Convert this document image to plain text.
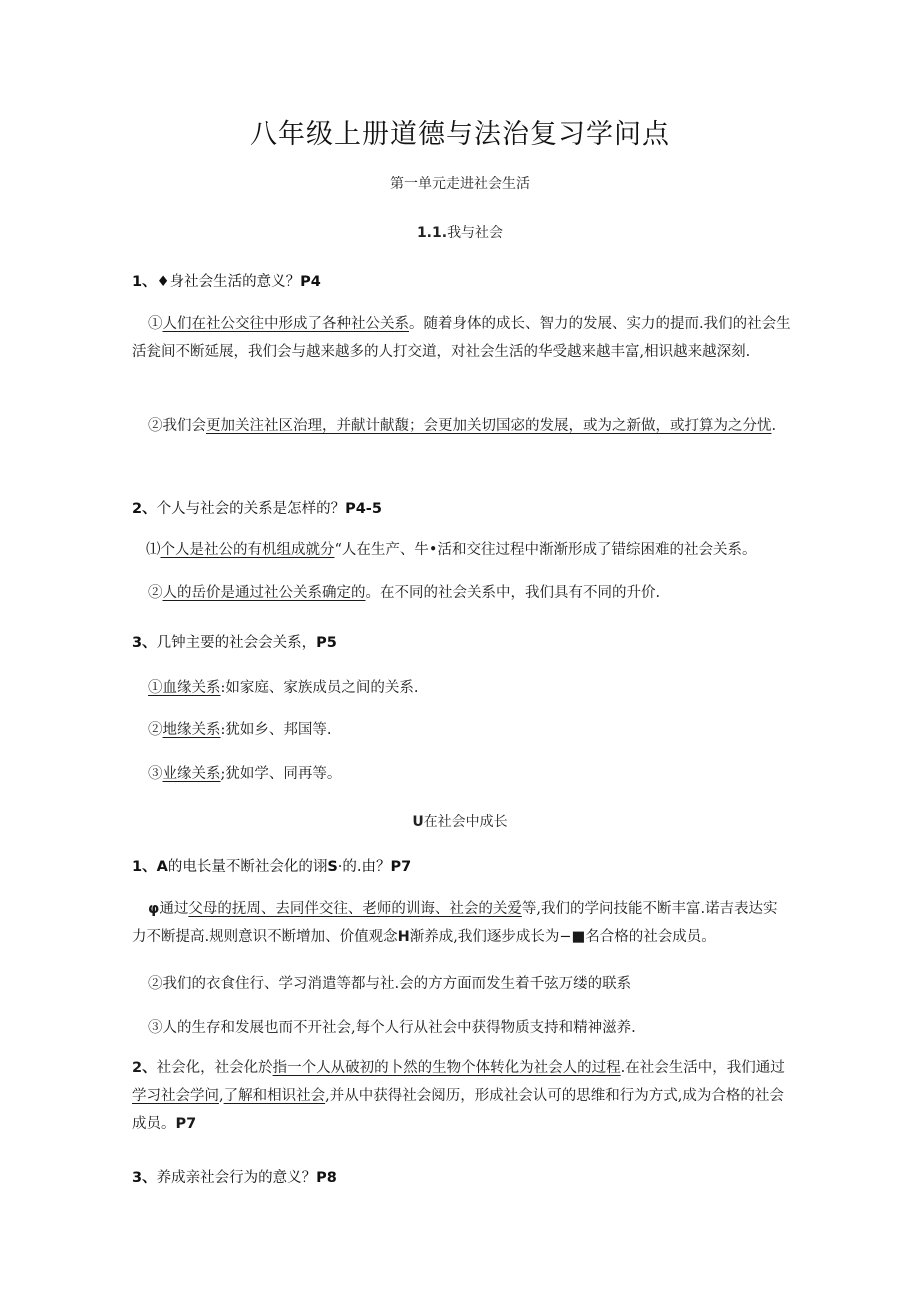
八年级上册道德与法治复习学问点
第一单元走进社会生活
1.1.我与社会
1、♦身社会生活的意义？P4
①人们在社公交往中形成了各种社公关系。随着身体的成长、智力的发展、实力的提而.我们的社会生活瓮间不断延展，我们会与越来越多的人打交道，对社会生活的华受越来越丰富,相识越来越深刻.
②我们会更加关注社区治理，并献计献馥；会更加关切国宓的发展，或为之新做，或打算为之分忧.
2、个人与社会的关系是怎样的？P4-5
⑴个人是社公的有机组成就分“人在生产、牛•活和交往过程中渐渐形成了错综困难的社会关系。
②人的岳价是通过社公关系确定的。在不同的社会关系中，我们具有不同的升价.
3、几钟主要的社会会关系，P5
①血缘关系:如家庭、家族成员之间的关系.
②地缘关系:犹如乡、邦国等.
③业缘关系;犹如学、同再等。
U在社会中成长
1、A的电长量不断社会化的诩S·的.由？P7
φ通过父母的抚周、去同伴交往、老师的训诲、社会的关爱等,我们的学问技能不断丰富.诺吉表达实力不断提高.规则意识不断增加、价值观念H渐养成,我们逐步成长为−■名合格的社会成员。
②我们的衣食住行、学习消遣等都与社.会的方方面而发生着千弦万缕的联系
③人的生存和发展也而不开社会,每个人行从社会中获得物质支持和精神滋养.
2、社会化，社会化於指一个人从破初的卜然的生物个体转化为社会人的过程.在社会生活中，我们通过学习社会学问,了解和相识社会,并从中获得社会阅历，形成社会认可的思维和行为方式,成为合格的社会成员。P7
3、养成亲社会行为的意义？P8
